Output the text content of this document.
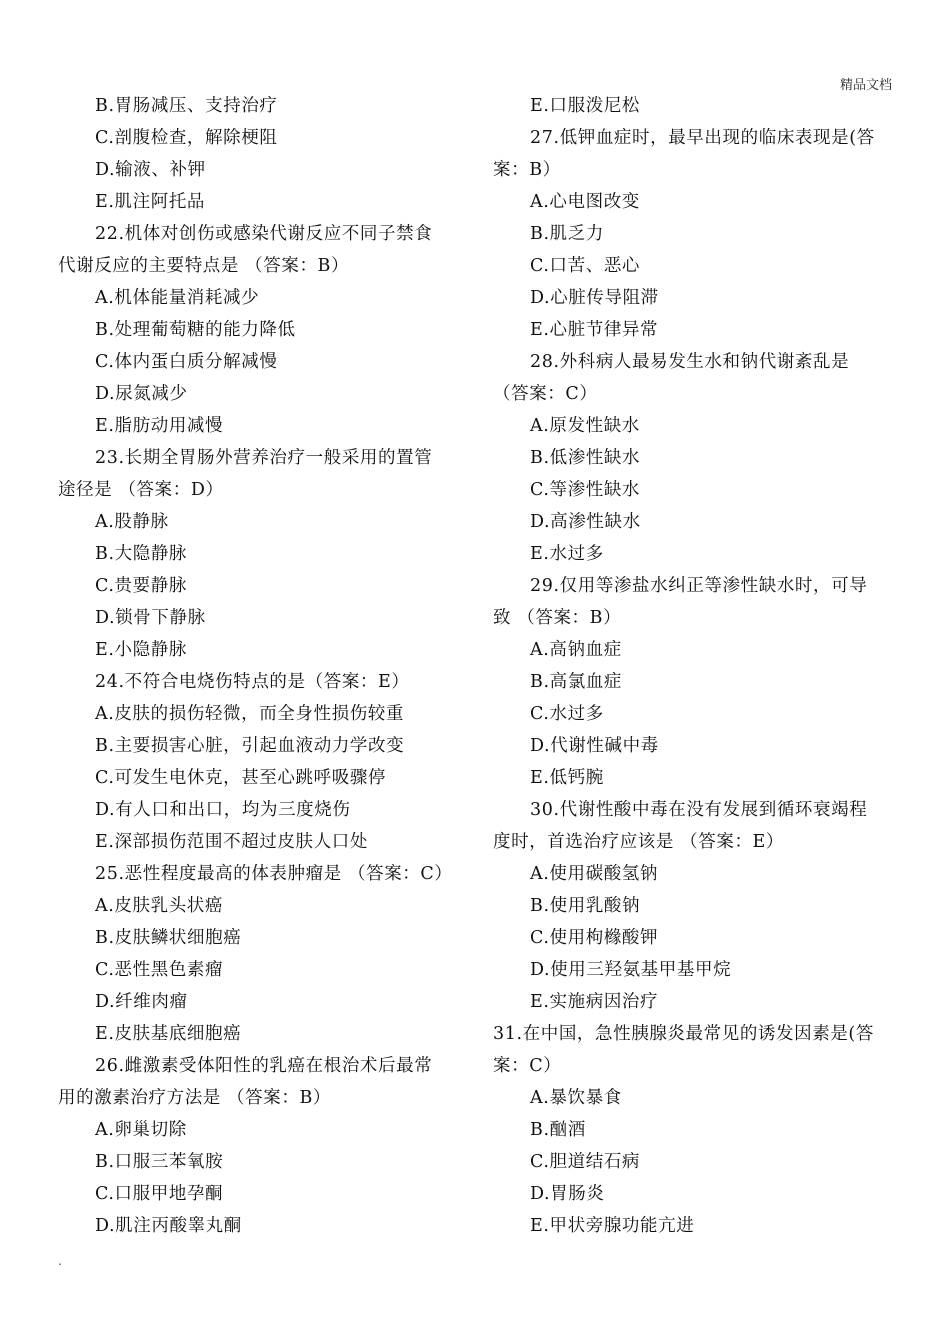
精品文档
B.胃肠减压、支持治疗
C.剖腹检查，解除梗阻
D.输液、补钾
E.肌注阿托品
22.机体对创伤或感染代谢反应不同子禁食
代谢反应的主要特点是 （答案：B）
A.机体能量消耗减少
B.处理葡萄糖的能力降低
C.体内蛋白质分解减慢
D.尿氮减少
E.脂肪动用减慢
23.长期全胃肠外营养治疗一般采用的置管
途径是 （答案：D）
A.股静脉
B.大隐静脉
C.贵要静脉
D.锁骨下静脉
E.小隐静脉
24.不符合电烧伤特点的是（答案：E）
A.皮肤的损伤轻微，而全身性损伤较重
B.主要损害心脏，引起血液动力学改变
C.可发生电休克，甚至心跳呼吸骤停
D.有人口和出口，均为三度烧伤
E.深部损伤范围不超过皮肤人口处
25.恶性程度最高的体表肿瘤是 （答案：C）
A.皮肤乳头状癌
B.皮肤鳞状细胞癌
C.恶性黑色素瘤
D.纤维肉瘤
E.皮肤基底细胞癌
26.雌激素受体阳性的乳癌在根治术后最常
用的激素治疗方法是 （答案：B）
A.卵巢切除
B.口服三苯氧胺
C.口服甲地孕酮
D.肌注丙酸睾丸酮
E.口服泼尼松
27.低钾血症时，最早出现的临床表现是(答
案：B）
A.心电图改变
B.肌乏力
C.口苦、恶心
D.心脏传导阻滞
E.心脏节律异常
28.外科病人最易发生水和钠代谢紊乱是
（答案：C）
A.原发性缺水
B.低渗性缺水
C.等渗性缺水
D.高渗性缺水
E.水过多
29.仅用等渗盐水纠正等渗性缺水时，可导
致 （答案：B）
A.高钠血症
B.高氯血症
C.水过多
D.代谢性碱中毒
E.低钙腕
30.代谢性酸中毒在没有发展到循环衰竭程
度时，首选治疗应该是 （答案：E）
A.使用碳酸氢钠
B.使用乳酸钠
C.使用枸橼酸钾
D.使用三羟氨基甲基甲烷
E.实施病因治疗
31.在中国，急性胰腺炎最常见的诱发因素是(答
案：C）
A.暴饮暴食
B.酗酒
C.胆道结石病
D.胃肠炎
E.甲状旁腺功能亢进
.
